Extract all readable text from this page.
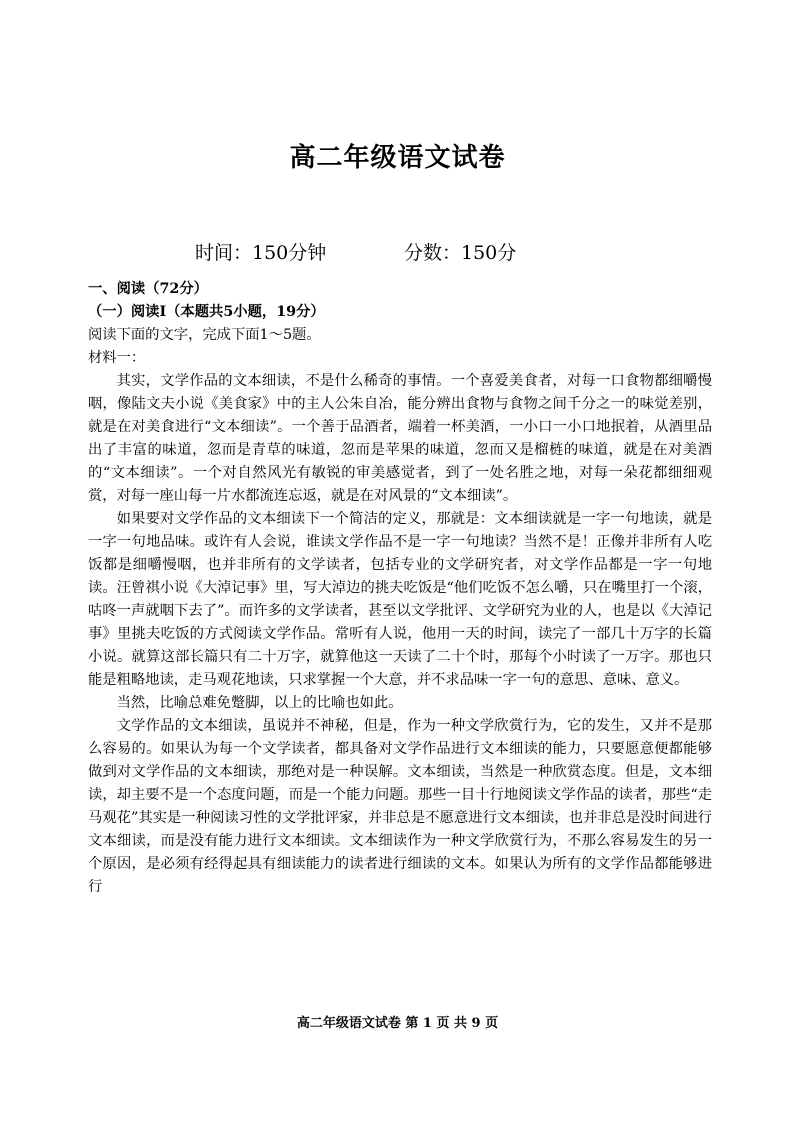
高二年级语文试卷
时间：150分钟	分数：150分

一、阅读（72分）

（一）阅读Ⅰ（本题共5小题，19分）

阅读下面的文字，完成下面1～5题。

材料一：

其实，文学作品的文本细读，不是什么稀奇的事情。一个喜爱美食者，对每一口食物都细嚼慢咽，像陆文夫小说《美食家》中的主人公朱自冶，能分辨出食物与食物之间千分之一的味觉差别，就是在对美食进行“文本细读”。一个善于品酒者，端着一杯美酒，一小口一小口地抿着，从酒里品出了丰富的味道，忽而是青草的味道，忽而是苹果的味道，忽而又是榴梿的味道，就是在对美酒的“文本细读”。一个对自然风光有敏锐的审美感觉者，到了一处名胜之地，对每一朵花都细细观赏，对每一座山每一片水都流连忘返，就是在对风景的“文本细读”。

如果要对文学作品的文本细读下一个简洁的定义，那就是：文本细读就是一字一句地读，就是一字一句地品味。或许有人会说，谁读文学作品不是一字一句地读？当然不是！正像并非所有人吃饭都是细嚼慢咽，也并非所有的文学读者，包括专业的文学研究者，对文学作品都是一字一句地读。汪曾祺小说《大淖记事》里，写大淖边的挑夫吃饭是“他们吃饭不怎么嚼，只在嘴里打一个滚，咕咚一声就咽下去了”。而许多的文学读者，甚至以文学批评、文学研究为业的人，也是以《大淖记事》里挑夫吃饭的方式阅读文学作品。常听有人说，他用一天的时间，读完了一部几十万字的长篇小说。就算这部长篇只有二十万字，就算他这一天读了二十个时，那每个小时读了一万字。那也只能是粗略地读，走马观花地读，只求掌握一个大意，并不求品味一字一句的意思、意味、意义。

当然，比喻总难免蹩脚，以上的比喻也如此。

文学作品的文本细读，虽说并不神秘，但是，作为一种文学欣赏行为，它的发生，又并不是那么容易的。如果认为每一个文学读者，都具备对文学作品进行文本细读的能力，只要愿意便都能够做到对文学作品的文本细读，那绝对是一种误解。文本细读，当然是一种欣赏态度。但是，文本细读，却主要不是一个态度问题，而是一个能力问题。那些一目十行地阅读文学作品的读者，那些“走马观花”其实是一种阅读习性的文学批评家，并非总是不愿意进行文本细读，也并非总是没时间进行文本细读，而是没有能力进行文本细读。文本细读作为一种文学欣赏行为，不那么容易发生的另一个原因，是必须有经得起具有细读能力的读者进行细读的文本。如果认为所有的文学作品都能够进行

高二年级语文试卷 第 1 页 共 9 页
